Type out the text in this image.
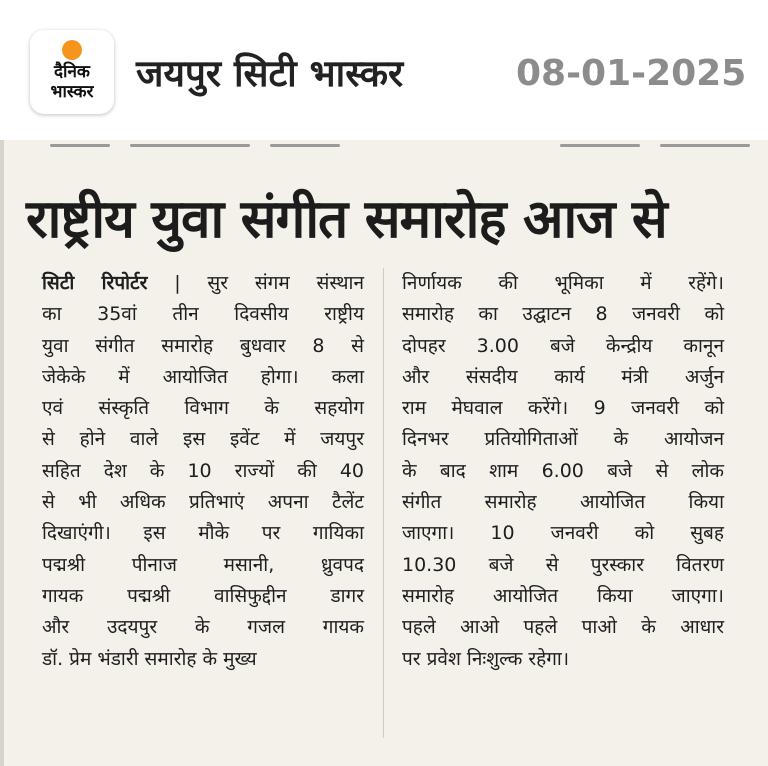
दैनिक
भास्कर	जयपुर सिटी भास्कर	08-01-2025
राष्ट्रीय युवा संगीत समारोह आज से
सिटी रिपोर्टर | सुर संगम संस्थान
का 35वां तीन दिवसीय राष्ट्रीय
युवा संगीत समारोह बुधवार 8 से
जेकेके में आयोजित होगा। कला
एवं संस्कृति विभाग के सहयोग
से होने वाले इस इवेंट में जयपुर
सहित देश के 10 राज्यों की 40
से भी अधिक प्रतिभाएं अपना टैलेंट
दिखाएंगी। इस मौके पर गायिका
पद्मश्री पीनाज मसानी, ध्रुवपद
गायक पद्मश्री वासिफुद्दीन डागर
और उदयपुर के गजल गायक
डॉ. प्रेम भंडारी समारोह के मुख्य
निर्णायक की भूमिका में रहेंगे।
समारोह का उद्घाटन 8 जनवरी को
दोपहर 3.00 बजे केन्द्रीय कानून
और संसदीय कार्य मंत्री अर्जुन
राम मेघवाल करेंगे। 9 जनवरी को
दिनभर प्रतियोगिताओं के आयोजन
के बाद शाम 6.00 बजे से लोक
संगीत समारोह आयोजित किया
जाएगा। 10 जनवरी को सुबह
10.30 बजे से पुरस्कार वितरण
समारोह आयोजित किया जाएगा।
पहले आओ पहले पाओ के आधार
पर प्रवेश निःशुल्क रहेगा।
